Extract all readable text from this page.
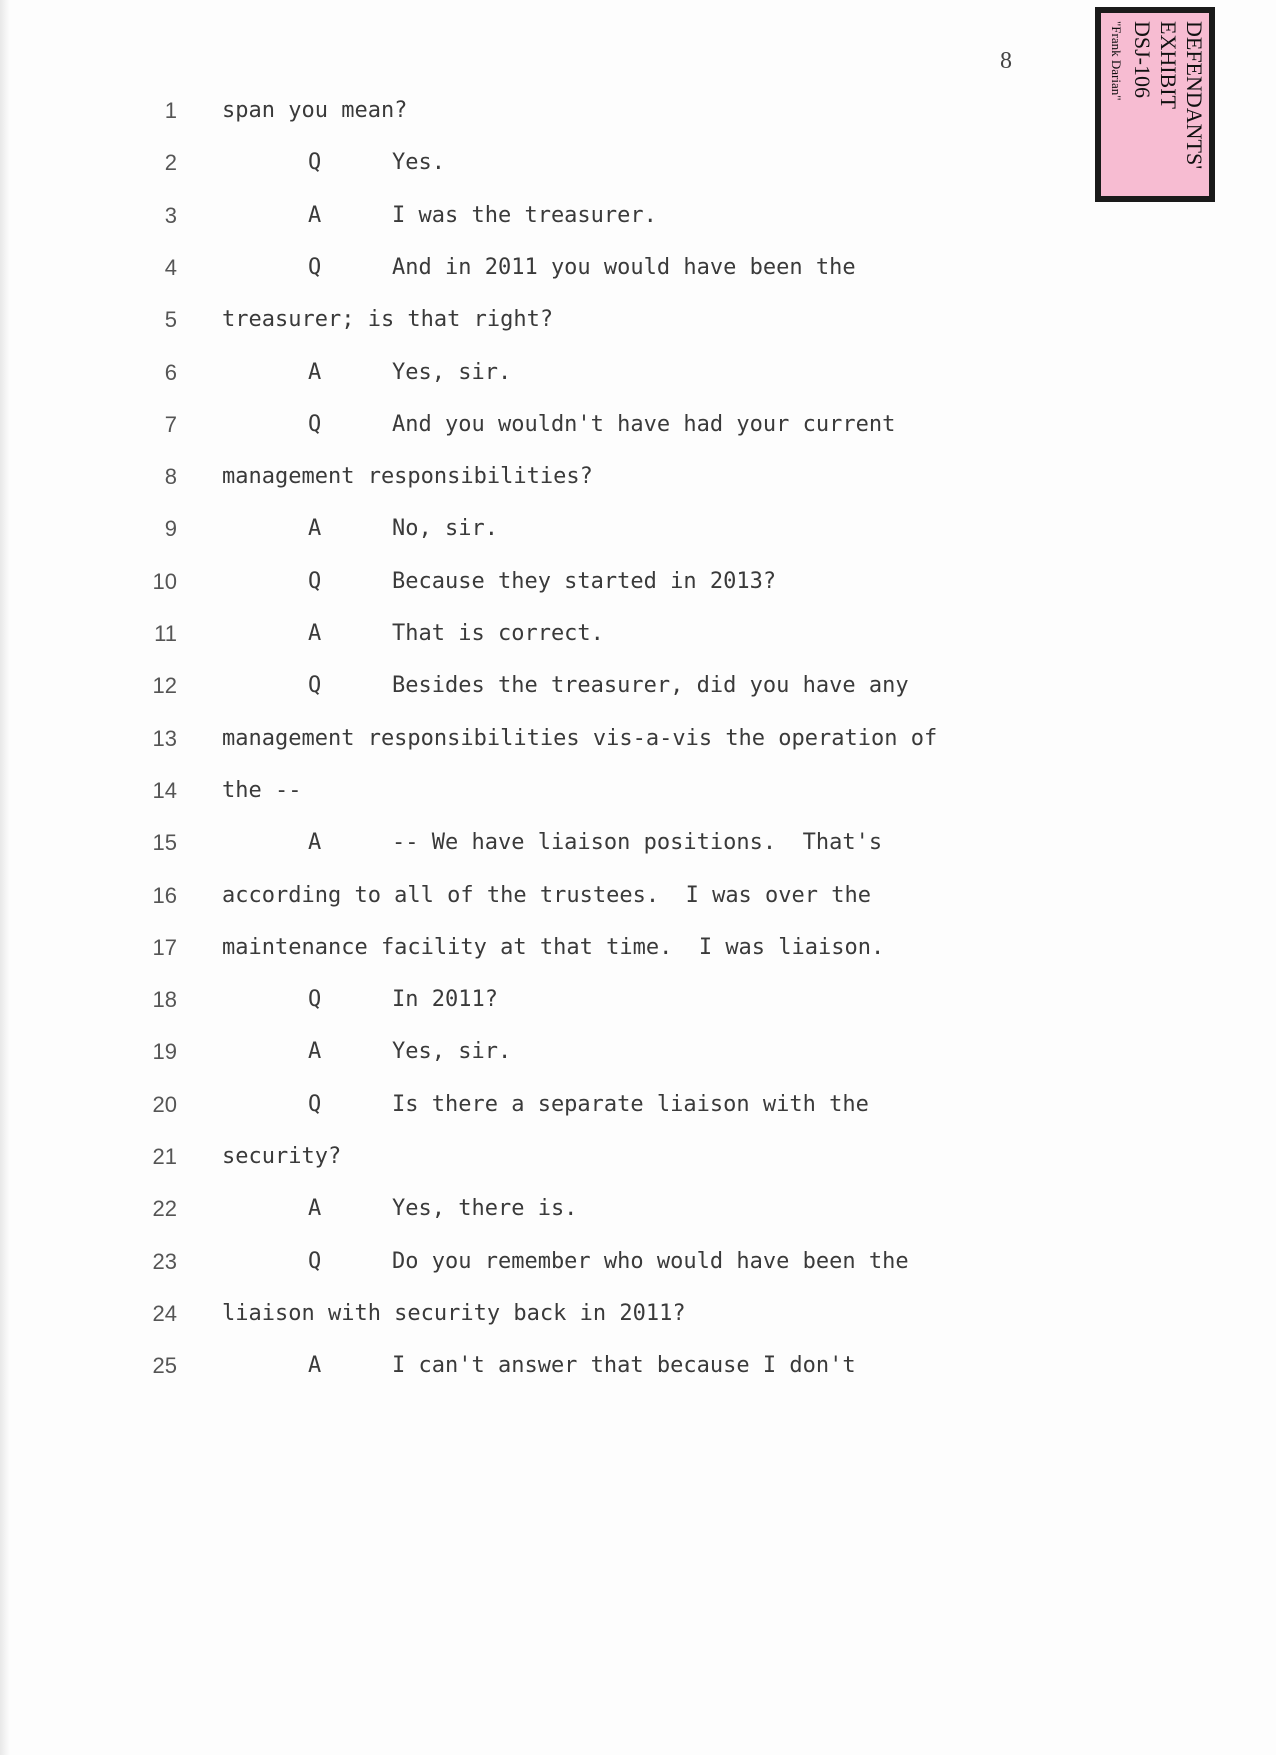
8	DEFENDANTS'
EXHIBIT
DSJ-106
"Frank Darian"
1 span you mean?
2	Q	Yes.
3	A	I was the treasurer.
4	Q	And in 2011 you would have been the
5 treasurer; is that right?
6	A	Yes, sir.
7	Q	And you wouldn't have had your current
8 management responsibilities?
9	A	No, sir.
10	Q	Because they started in 2013?
11	A	That is correct.
12	Q	Besides the treasurer, did you have any
13 management responsibilities vis-a-vis the operation of
14 the --
15	A	-- We have liaison positions.  That's
16 according to all of the trustees.  I was over the
17 maintenance facility at that time.  I was liaison.
18	Q	In 2011?
19	A	Yes, sir.
20	Q	Is there a separate liaison with the
21 security?
22	A	Yes, there is.
23	Q	Do you remember who would have been the
24 liaison with security back in 2011?
25	A	I can't answer that because I don't
